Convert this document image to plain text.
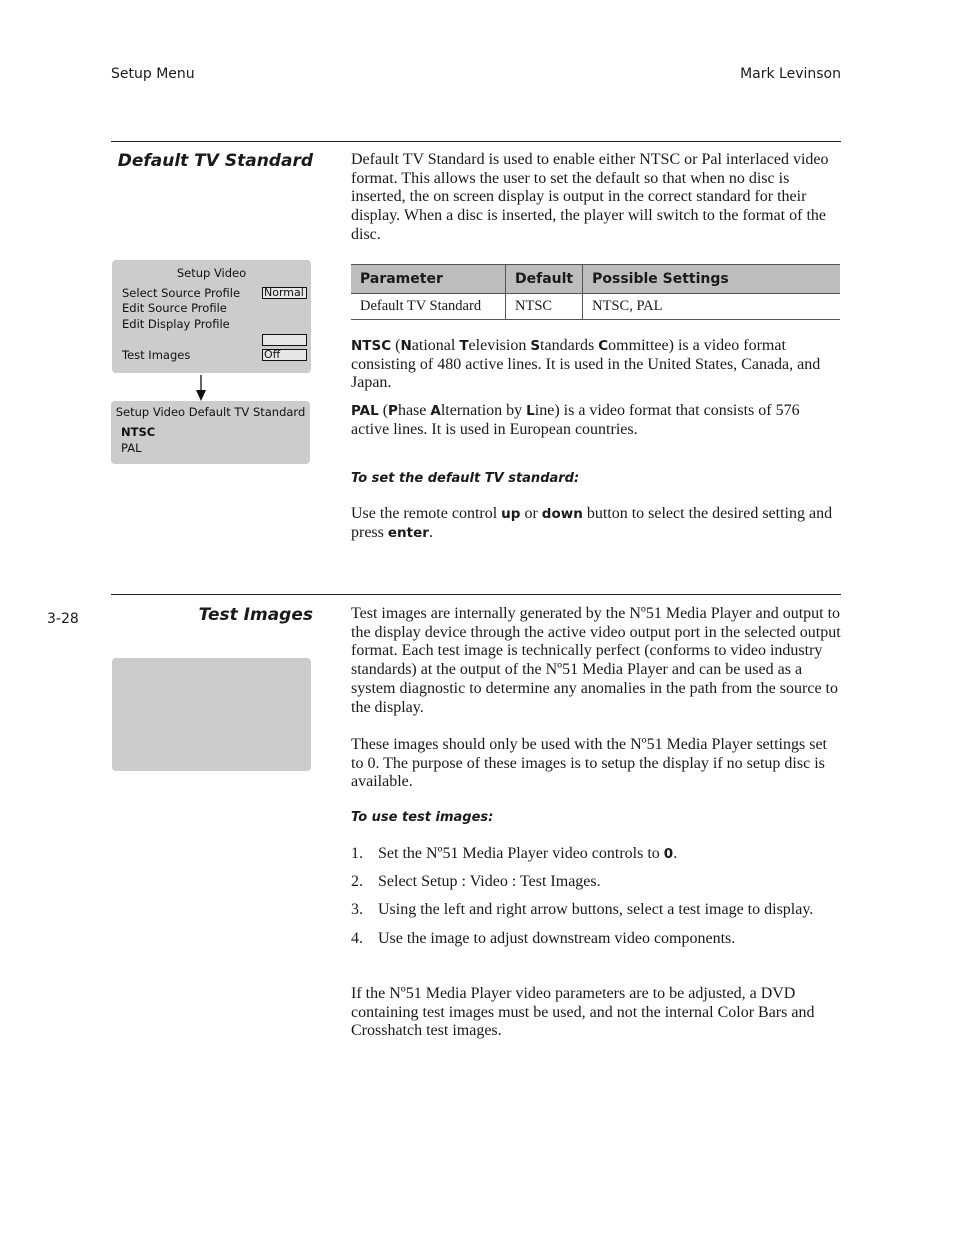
Setup Menu	Mark Levinson
Default TV Standard Default TV Standard is used to enable either NTSC or Pal interlaced video format. This allows the user to set the default so that when no disc is inserted, the on screen display is output in the correct standard for their display. When a disc is inserted, the player will switch to the format of the disc.

Parameter	Default	Possible Settings
Default TV Standard	NTSC	NTSC, PAL

NTSC (National Television Standards Committee) is a video format consisting of 480 active lines. It is used in the United States, Canada, and Japan.

PAL (Phase Alternation by Line) is a video format that consists of 576 active lines. It is used in European countries.

To set the default TV standard:

Use the remote control up or down button to select the desired setting and press enter.

Setup Video
Select Source Profile
Edit Source Profile
Edit Display Profile
Test Images
Normal
Off
Setup Video Default TV Standard
NTSC
PAL
3-28	Test Images Test images are internally generated by the Nº51 Media Player and output to the display device through the active video output port in the selected output format. Each test image is technically perfect (conforms to video industry standards) at the output of the Nº51 Media Player and can be used as a system diagnostic to determine any anomalies in the path from the source to the display.

These images should only be used with the Nº51 Media Player settings set to 0. The purpose of these images is to setup the display if no setup disc is available.

To use test images:
1. Set the Nº51 Media Player video controls to 0.
2. Select Setup : Video : Test Images.
3. Using the left and right arrow buttons, select a test image to display.
4. Use the image to adjust downstream video components.

If the Nº51 Media Player video parameters are to be adjusted, a DVD containing test images must be used, and not the internal Color Bars and Crosshatch test images.
